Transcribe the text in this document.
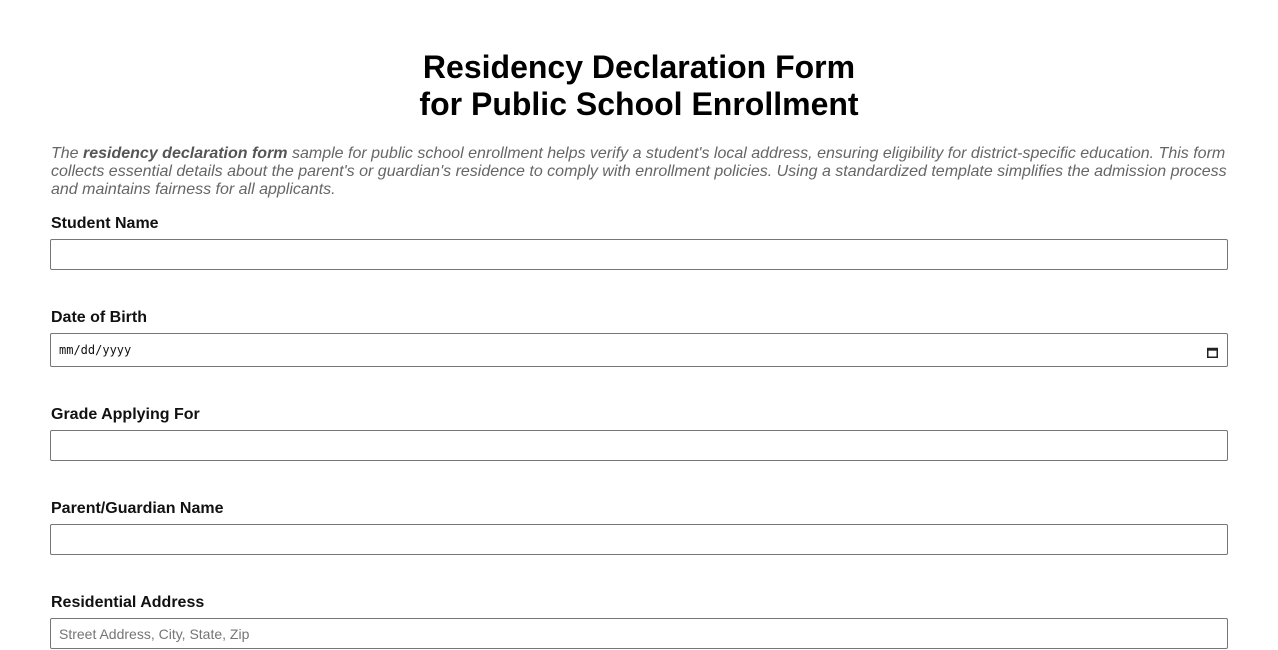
Residency Declaration Form
for Public School Enrollment

The residency declaration form sample for public school enrollment helps verify a student's local address, ensuring eligibility for district-specific education. This form collects essential details about the parent's or guardian's residence to comply with enrollment policies. Using a standardized template simplifies the admission process and maintains fairness for all applicants.

Student Name
Date of Birth
mm/dd/yyyy
Grade Applying For
Parent/Guardian Name
Residential Address
Street Address, City, State, Zip
